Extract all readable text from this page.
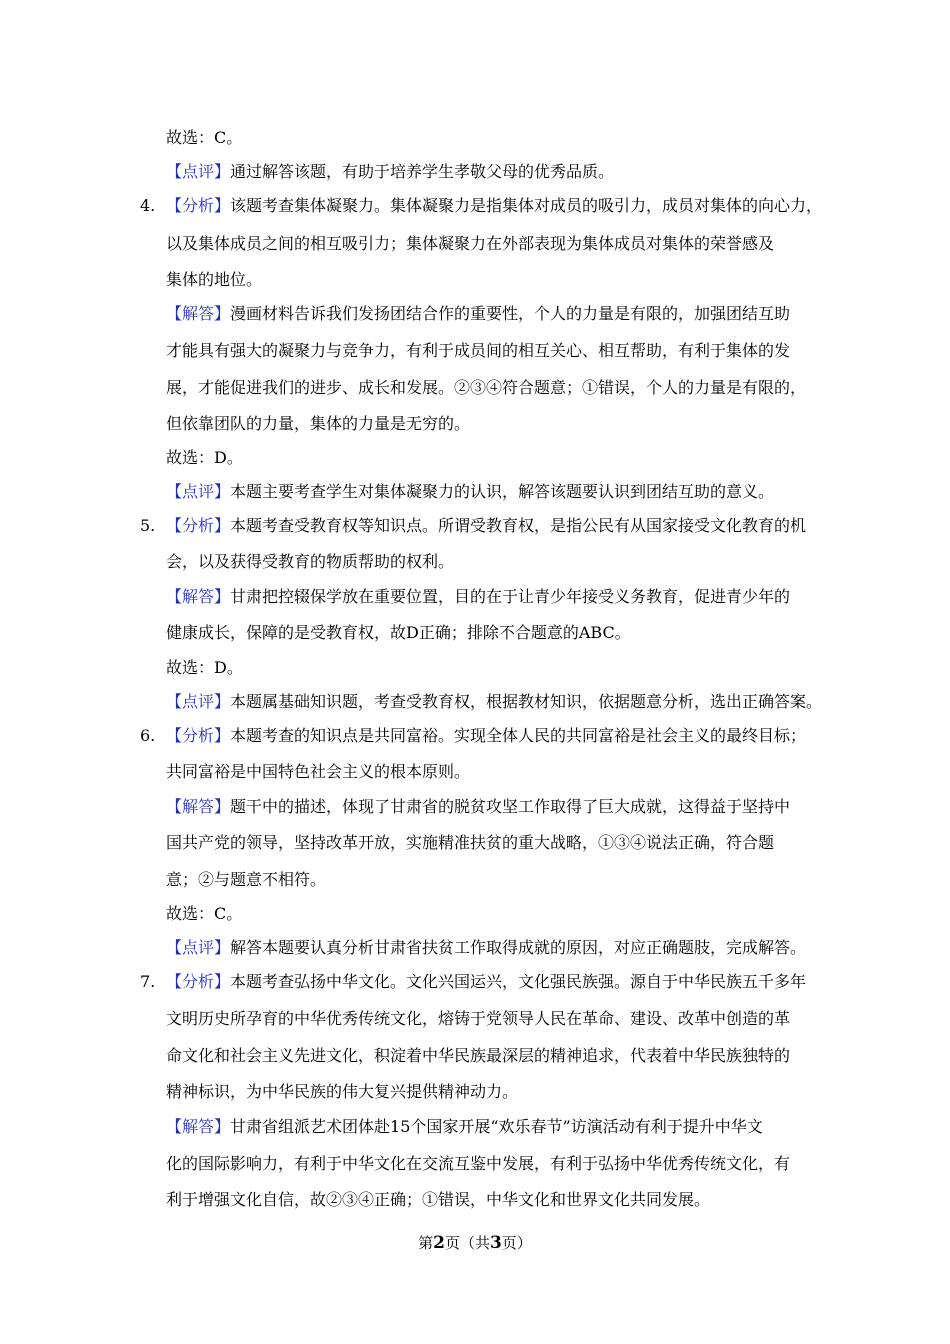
故选：C。
【点评】通过解答该题，有助于培养学生孝敬父母的优秀品质。
4. 【分析】该题考查集体凝聚力。集体凝聚力是指集体对成员的吸引力，成员对集体的向心力，
以及集体成员之间的相互吸引力；集体凝聚力在外部表现为集体成员对集体的荣誉感及
集体的地位。
【解答】漫画材料告诉我们发扬团结合作的重要性，个人的力量是有限的，加强团结互助
才能具有强大的凝聚力与竞争力，有利于成员间的相互关心、相互帮助，有利于集体的发
展，才能促进我们的进步、成长和发展。②③④符合题意；①错误，个人的力量是有限的，
但依靠团队的力量，集体的力量是无穷的。
故选：D。
【点评】本题主要考查学生对集体凝聚力的认识，解答该题要认识到团结互助的意义。
5. 【分析】本题考查受教育权等知识点。所谓受教育权，是指公民有从国家接受文化教育的机
会，以及获得受教育的物质帮助的权利。
【解答】甘肃把控辍保学放在重要位置，目的在于让青少年接受义务教育，促进青少年的
健康成长，保障的是受教育权，故D正确；排除不合题意的ABC。
故选：D。
【点评】本题属基础知识题，考查受教育权，根据教材知识，依据题意分析，选出正确答案。
6. 【分析】本题考查的知识点是共同富裕。实现全体人民的共同富裕是社会主义的最终目标；
共同富裕是中国特色社会主义的根本原则。
【解答】题干中的描述，体现了甘肃省的脱贫攻坚工作取得了巨大成就，这得益于坚持中
国共产党的领导，坚持改革开放，实施精准扶贫的重大战略，①③④说法正确，符合题
意；②与题意不相符。
故选：C。
【点评】解答本题要认真分析甘肃省扶贫工作取得成就的原因，对应正确题肢，完成解答。
7. 【分析】本题考查弘扬中华文化。文化兴国运兴，文化强民族强。源自于中华民族五千多年
文明历史所孕育的中华优秀传统文化，熔铸于党领导人民在革命、建设、改革中创造的革
命文化和社会主义先进文化，积淀着中华民族最深层的精神追求，代表着中华民族独特的
精神标识，为中华民族的伟大复兴提供精神动力。
【解答】甘肃省组派艺术团体赴15个国家开展“欢乐春节”访演活动有利于提升中华文
化的国际影响力，有利于中华文化在交流互鉴中发展，有利于弘扬中华优秀传统文化，有
利于增强文化自信，故②③④正确；①错误，中华文化和世界文化共同发展。
第2页（共3页）
